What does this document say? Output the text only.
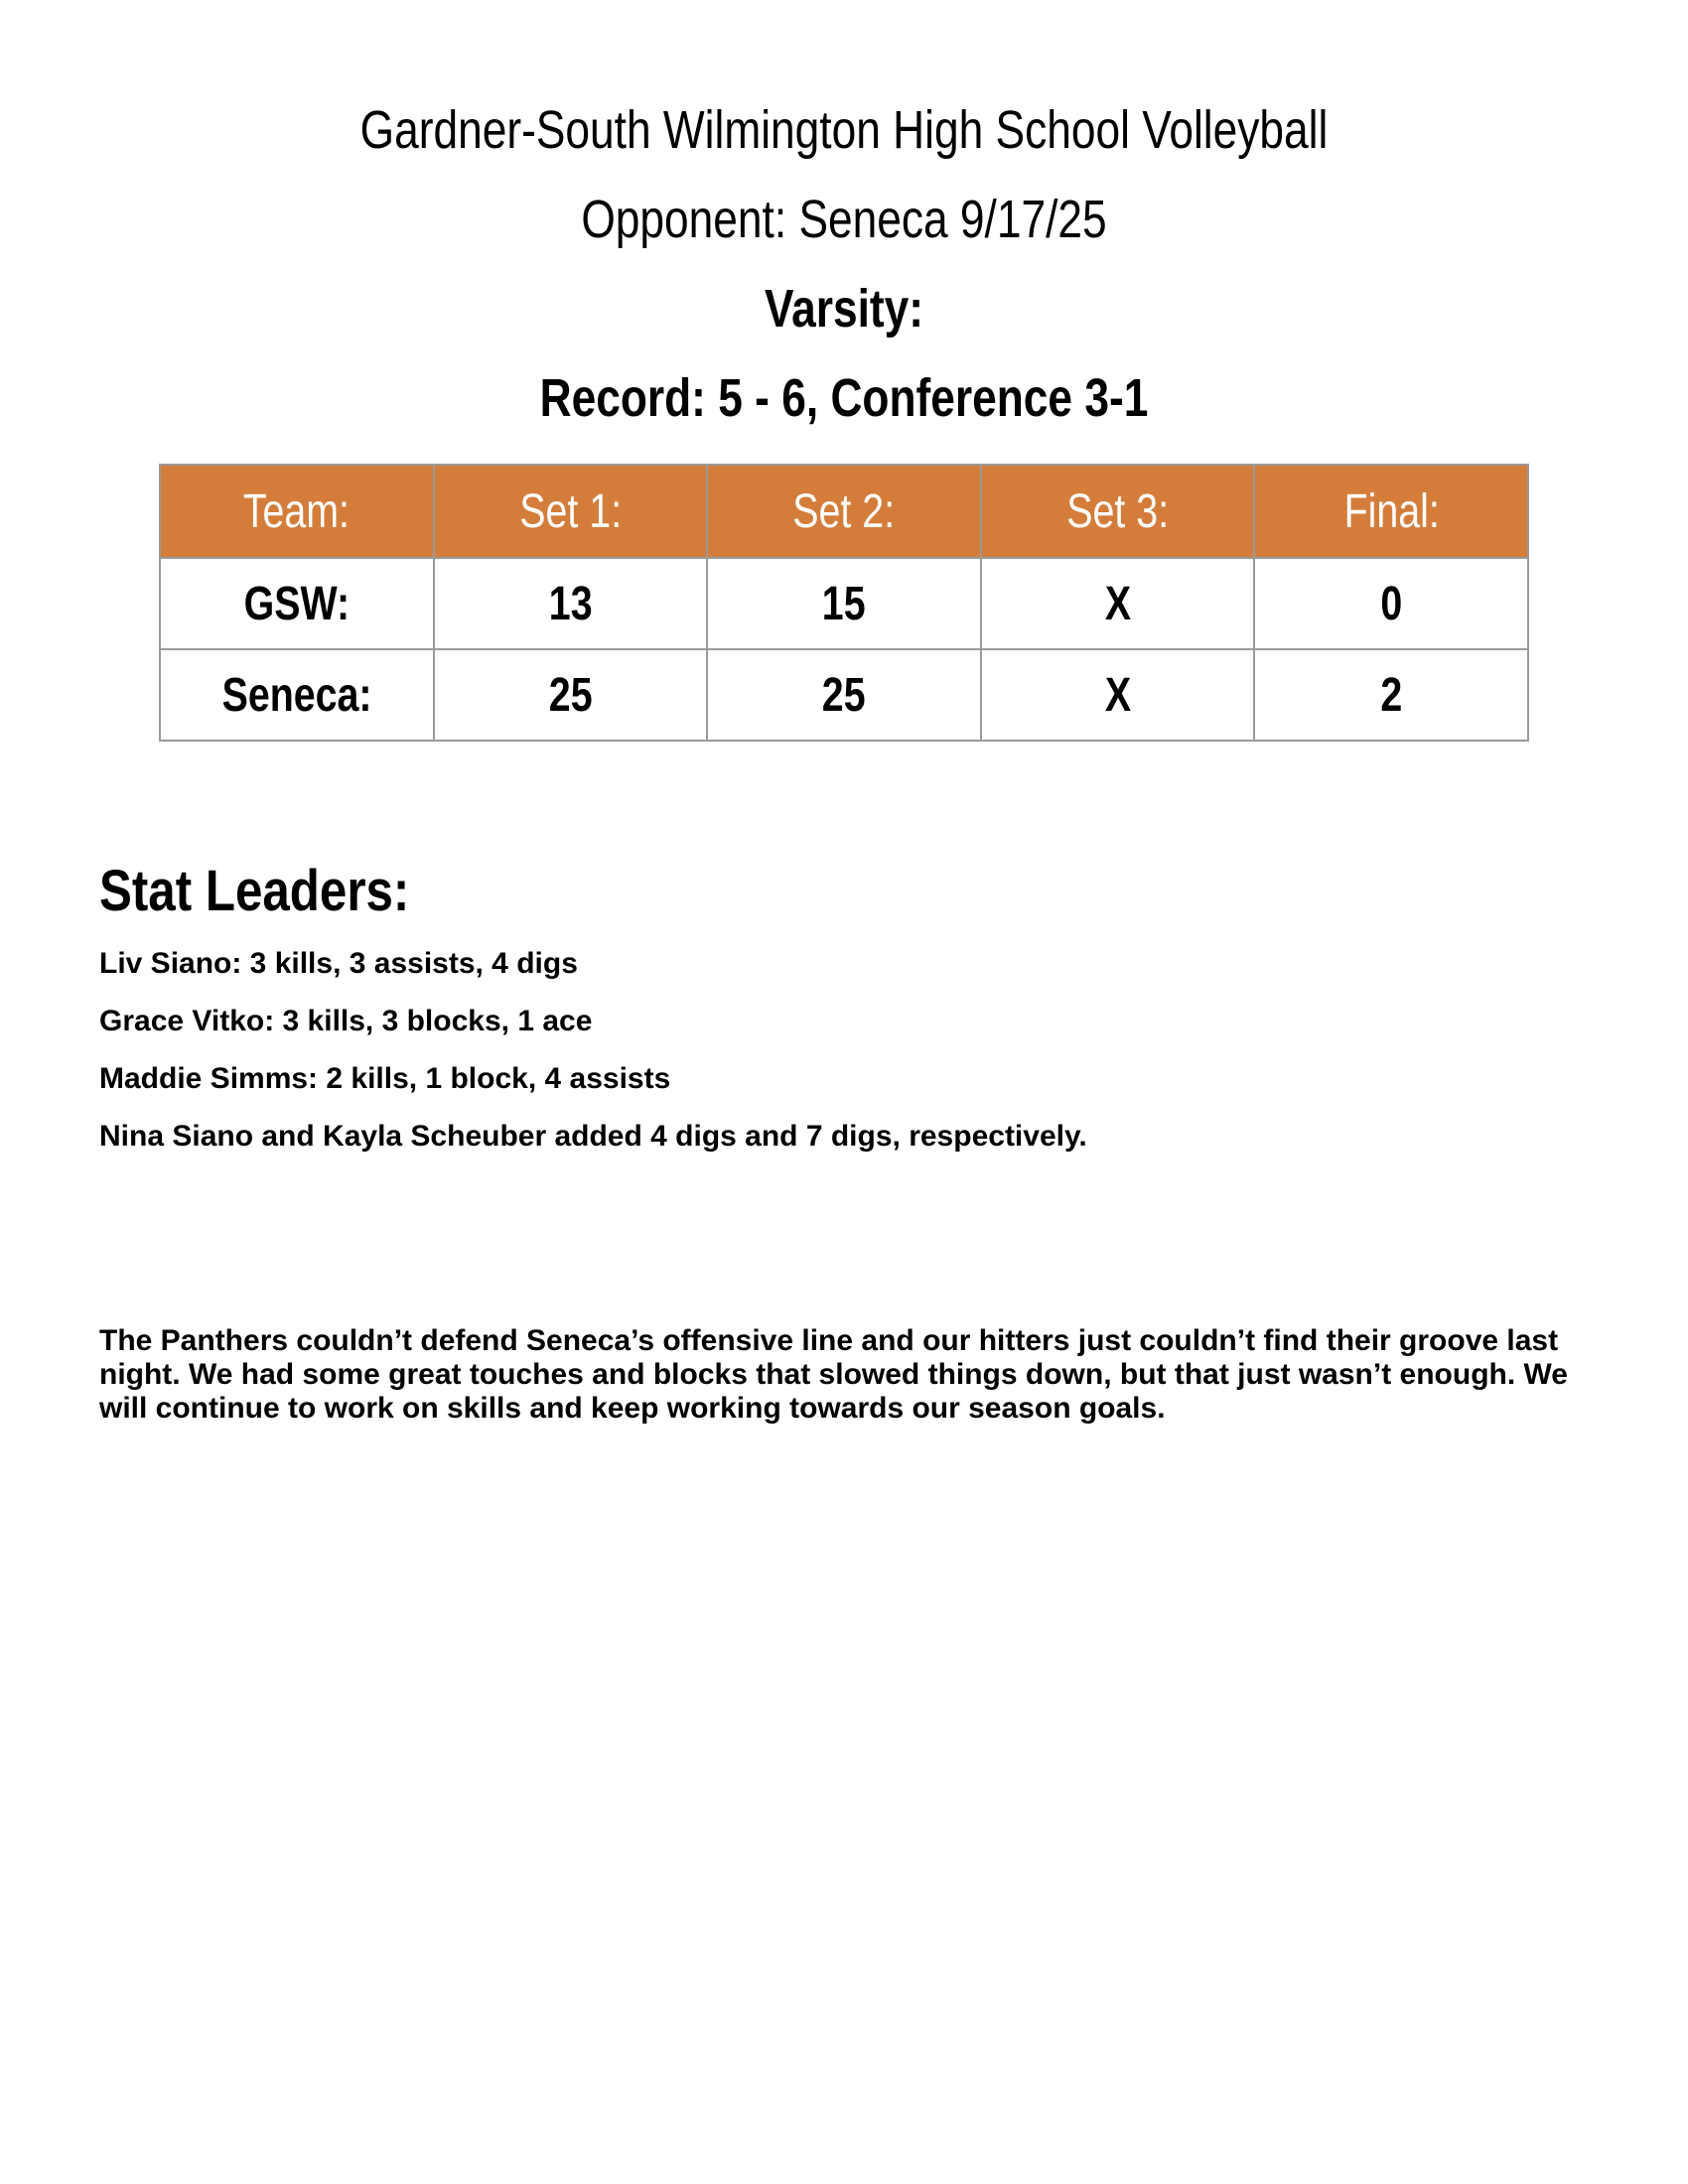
Gardner-South Wilmington High School Volleyball
Opponent: Seneca 9/17/25
Varsity:
Record: 5 - 6, Conference 3-1
Team:	Set 1:	Set 2:	Set 3:	Final:
GSW:	13	15	X	0
Seneca:	25	25	X	2
Stat Leaders:
Liv Siano: 3 kills, 3 assists, 4 digs
Grace Vitko: 3 kills, 3 blocks, 1 ace
Maddie Simms: 2 kills, 1 block, 4 assists
Nina Siano and Kayla Scheuber added 4 digs and 7 digs, respectively.

The Panthers couldn’t defend Seneca’s offensive line and our hitters just couldn’t find their groove last night. We had some great touches and blocks that slowed things down, but that just wasn’t enough. We will continue to work on skills and keep working towards our season goals.
